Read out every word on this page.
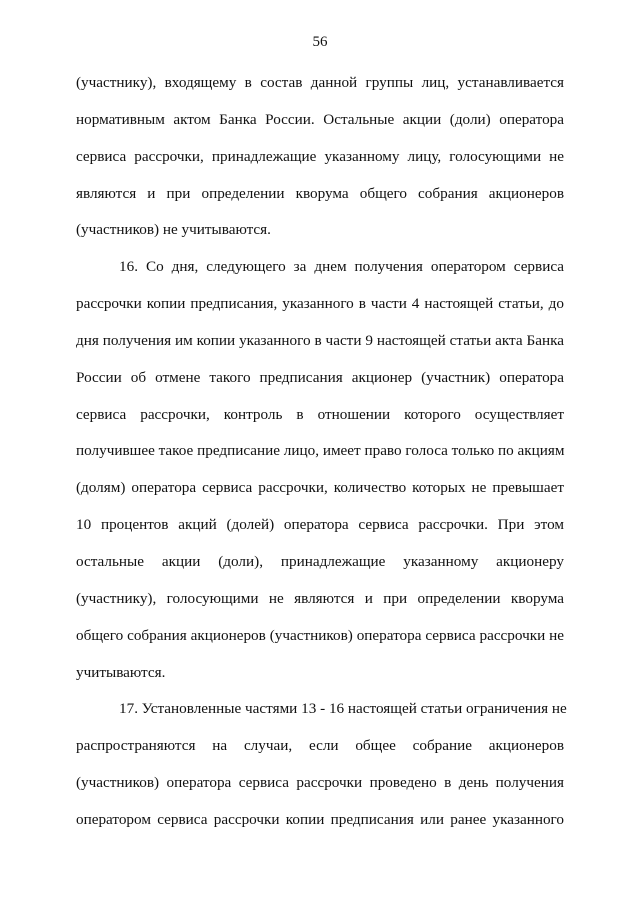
56
(участнику), входящему в состав данной группы лиц, устанавливается
нормативным актом Банка России. Остальные акции (доли) оператора
сервиса рассрочки, принадлежащие указанному лицу, голосующими не
являются и при определении кворума общего собрания акционеров
(участников) не учитываются.
16. Со дня, следующего за днем получения оператором сервиса
рассрочки копии предписания, указанного в части 4 настоящей статьи, до
дня получения им копии указанного в части 9 настоящей статьи акта Банка
России об отмене такого предписания акционер (участник) оператора
сервиса рассрочки, контроль в отношении которого осуществляет
получившее такое предписание лицо, имеет право голоса только по акциям
(долям) оператора сервиса рассрочки, количество которых не превышает
10 процентов акций (долей) оператора сервиса рассрочки. При этом
остальные акции (доли), принадлежащие указанному акционеру
(участнику), голосующими не являются и при определении кворума
общего собрания акционеров (участников) оператора сервиса рассрочки не
учитываются.
17. Установленные частями 13 - 16 настоящей статьи ограничения не
распространяются на случаи, если общее собрание акционеров
(участников) оператора сервиса рассрочки проведено в день получения
оператором сервиса рассрочки копии предписания или ранее указанного
